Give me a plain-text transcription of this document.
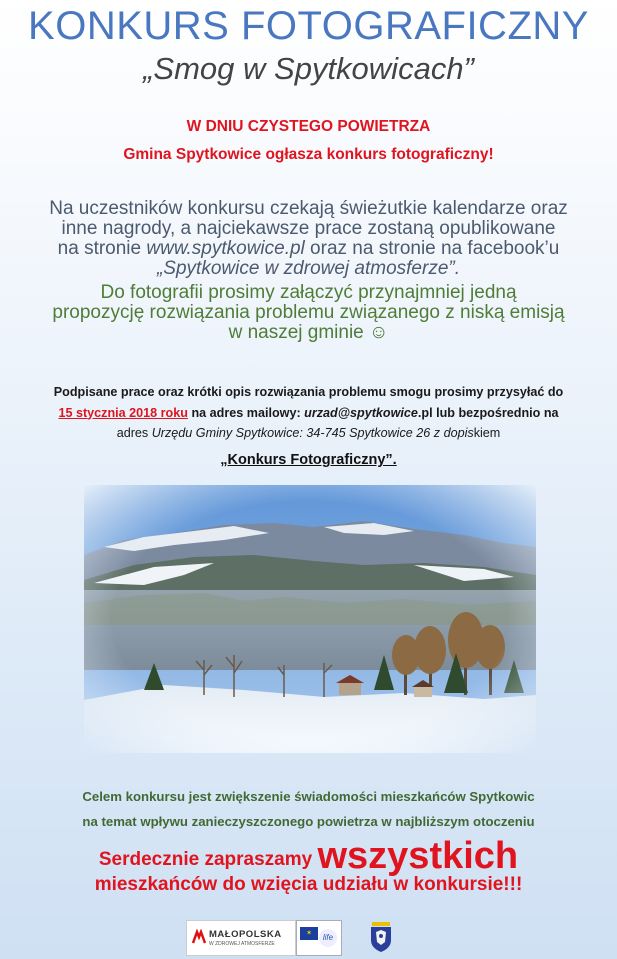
KONKURS FOTOGRAFICZNY
„Smog w Spytkowicach”
W DNIU CZYSTEGO POWIETRZA
Gmina Spytkowice ogłasza konkurs fotograficzny!
Na uczestników konkursu czekają świeżutkie kalendarze oraz
inne nagrody, a najciekawsze prace zostaną opublikowane
na stronie www.spytkowice.pl oraz na stronie na facebook’u
„Spytkowice w zdrowej atmosferze”.
Do fotografii prosimy załączyć przynajmniej jedną
propozycję rozwiązania problemu związanego z niską emisją
w naszej gminie ☺
Podpisane prace oraz krótki opis rozwiązania problemu smogu prosimy przysyłać do
15 stycznia 2018 roku na adres mailowy: urzad@spytkowice.pl lub bezpośrednio na
adres Urzędu Gminy Spytkowice: 34-745 Spytkowice 26 z dopiskiem
„Konkurs Fotograficzny”.
Celem konkursu jest zwiększenie świadomości mieszkańców Spytkowic
na temat wpływu zanieczyszczonego powietrza w najbliższym otoczeniu
Serdecznie zapraszamy wszystkich
mieszkańców do wzięcia udziału w konkursie!!!
MAŁOPOLSKA
W ZDROWEJ ATMOSFERZE
✶	life
